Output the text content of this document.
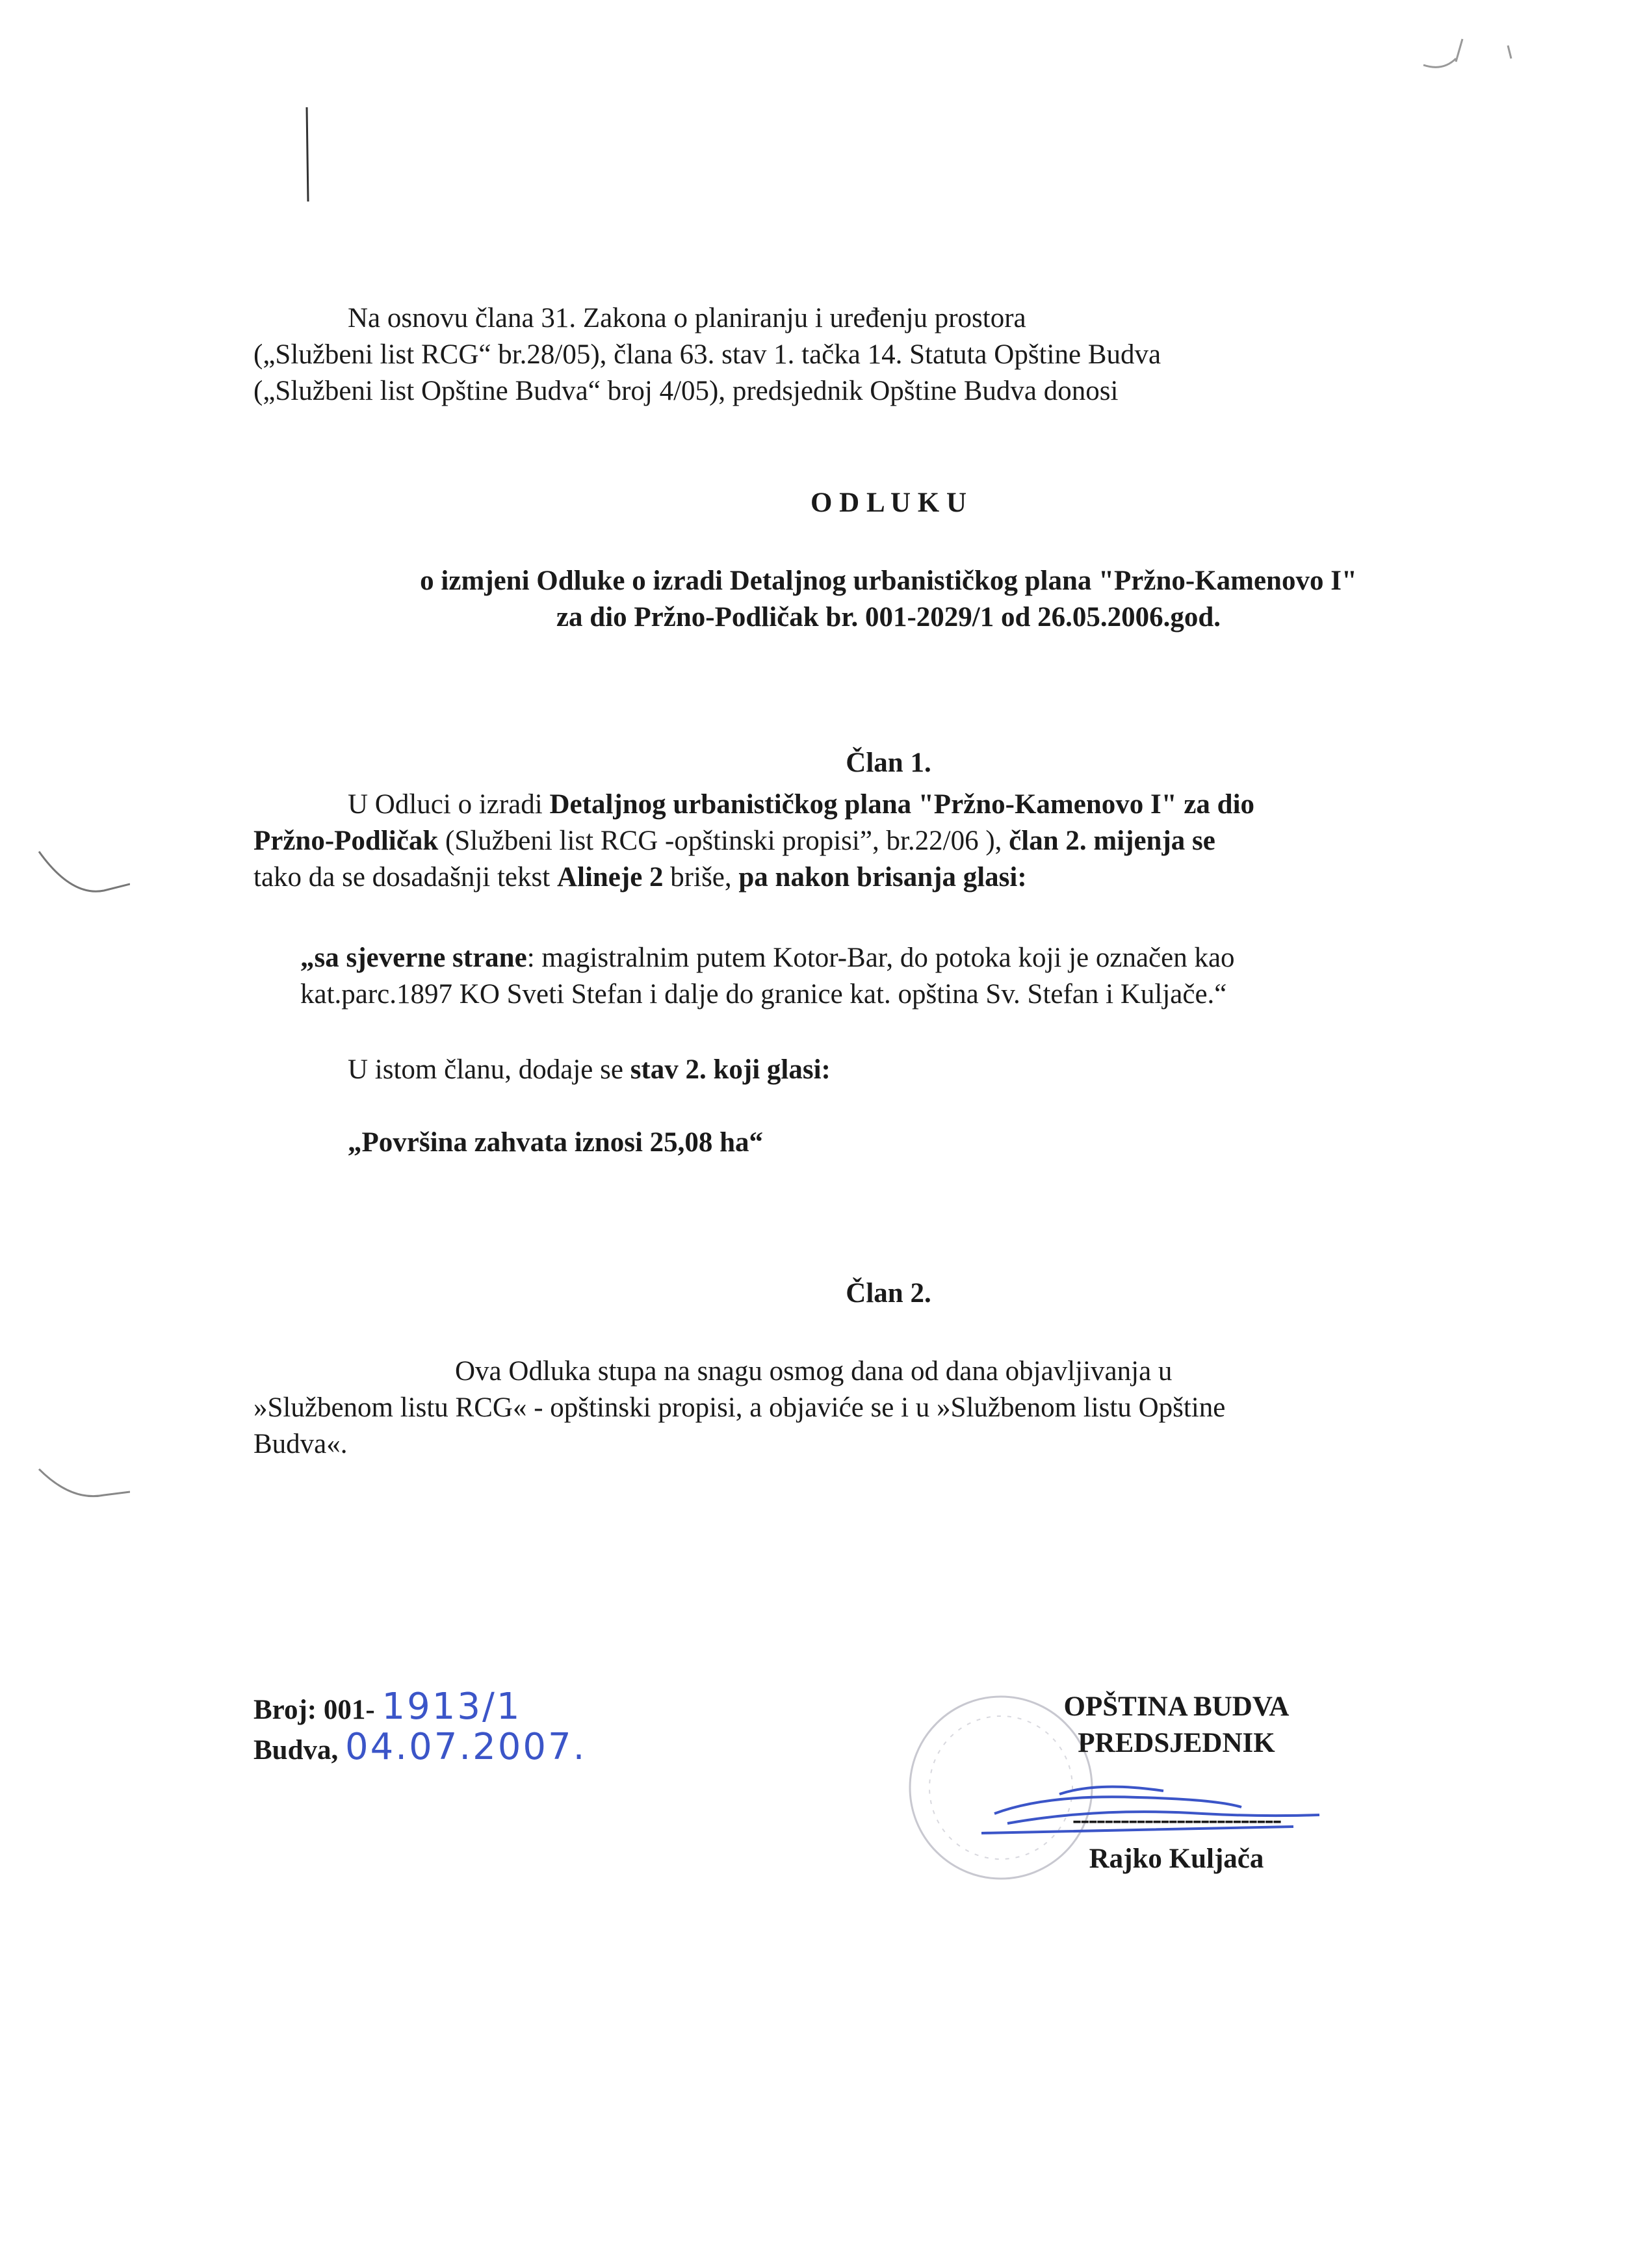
Na osnovu člana 31. Zakona o planiranju i uređenju prostora
(„Službeni list RCG“ br.28/05), člana 63. stav 1. tačka 14. Statuta Opštine Budva
(„Službeni list Opštine Budva“ broj 4/05), predsjednik Opštine Budva donosi
O D L U K U
o izmjeni Odluke o izradi Detaljnog urbanističkog plana "Pržno-Kamenovo I"
za dio Pržno-Podličak br. 001-2029/1 od 26.05.2006.god.
Član 1.
U Odluci o izradi Detaljnog urbanističkog plana "Pržno-Kamenovo I" za dio
Pržno-Podličak (Službeni list RCG -opštinski propisi”, br.22/06 ), član 2. mijenja se
tako da se dosadašnji tekst Alineje 2 briše, pa nakon brisanja glasi:
„sa sjeverne strane: magistralnim putem Kotor-Bar, do potoka koji je označen kao
kat.parc.1897 KO Sveti Stefan i dalje do granice kat. opština Sv. Stefan i Kuljače.“
U istom članu, dodaje se stav 2. koji glasi:
„Površina zahvata iznosi 25,08 ha“
Član 2.
Ova Odluka stupa na snagu osmog dana od dana objavljivanja u
»Službenom listu RCG« - opštinski propisi, a objaviće se i u »Službenom listu Opštine
Budva«.
Broj: 001- 1913/1
Budva, 04.07.2007.
OPŠTINA BUDVA
PREDSJEDNIK
--------------------------
Rajko Kuljača
